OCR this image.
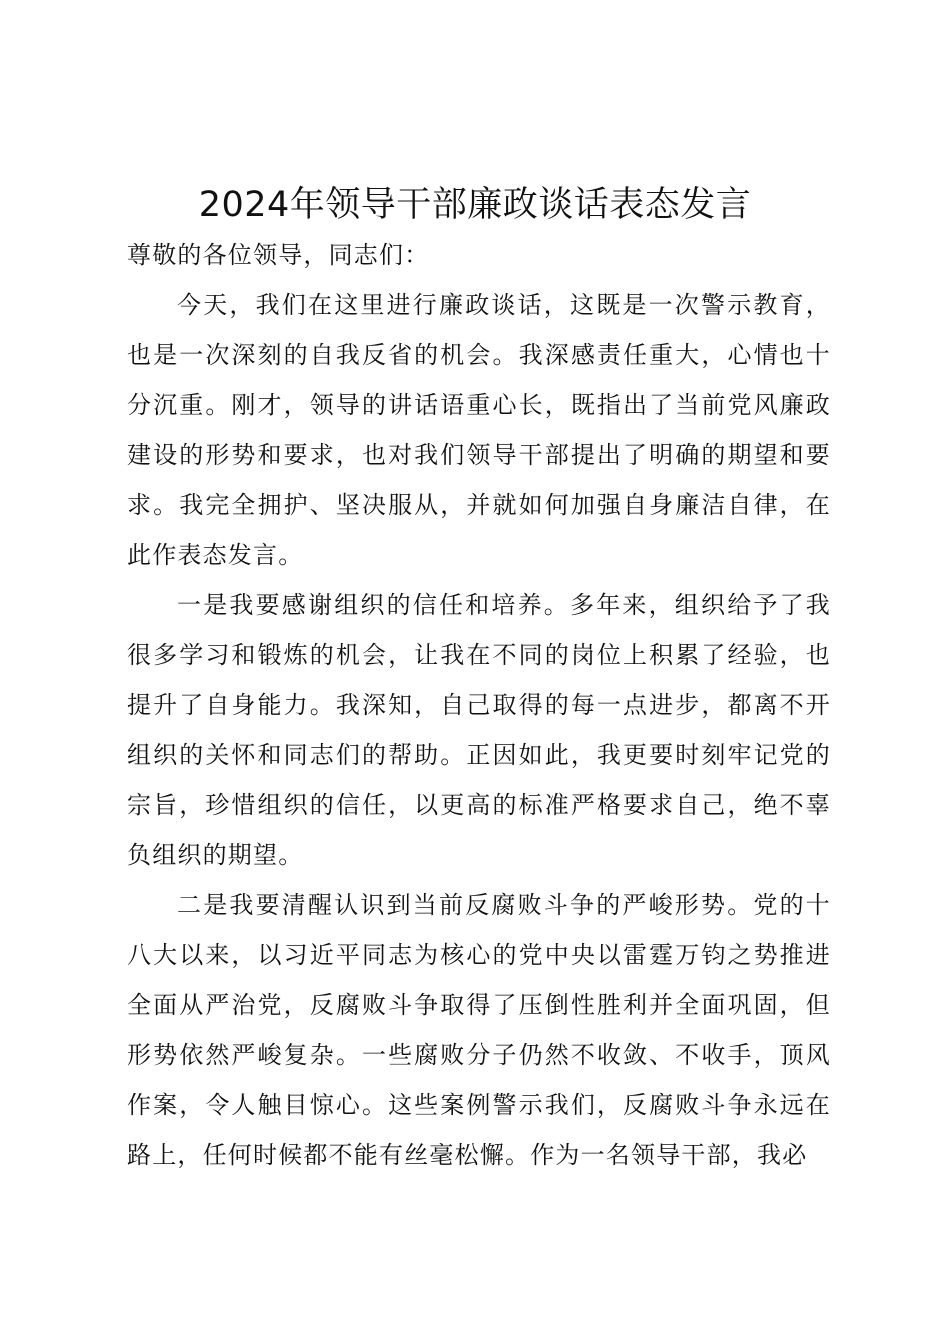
2024年领导干部廉政谈话表态发言

尊敬的各位领导，同志们：

今天，我们在这里进行廉政谈话，这既是一次警示教育，也是一次深刻的自我反省的机会。我深感责任重大，心情也十分沉重。刚才，领导的讲话语重心长，既指出了当前党风廉政建设的形势和要求，也对我们领导干部提出了明确的期望和要求。我完全拥护、坚决服从，并就如何加强自身廉洁自律，在此作表态发言。

一是我要感谢组织的信任和培养。多年来，组织给予了我很多学习和锻炼的机会，让我在不同的岗位上积累了经验，也提升了自身能力。我深知，自己取得的每一点进步，都离不开组织的关怀和同志们的帮助。正因如此，我更要时刻牢记党的宗旨，珍惜组织的信任，以更高的标准严格要求自己，绝不辜负组织的期望。

二是我要清醒认识到当前反腐败斗争的严峻形势。党的十八大以来，以习近平同志为核心的党中央以雷霆万钧之势推进全面从严治党，反腐败斗争取得了压倒性胜利并全面巩固，但形势依然严峻复杂。一些腐败分子仍然不收敛、不收手，顶风作案，令人触目惊心。这些案例警示我们，反腐败斗争永远在路上，任何时候都不能有丝毫松懈。作为一名领导干部，我必
